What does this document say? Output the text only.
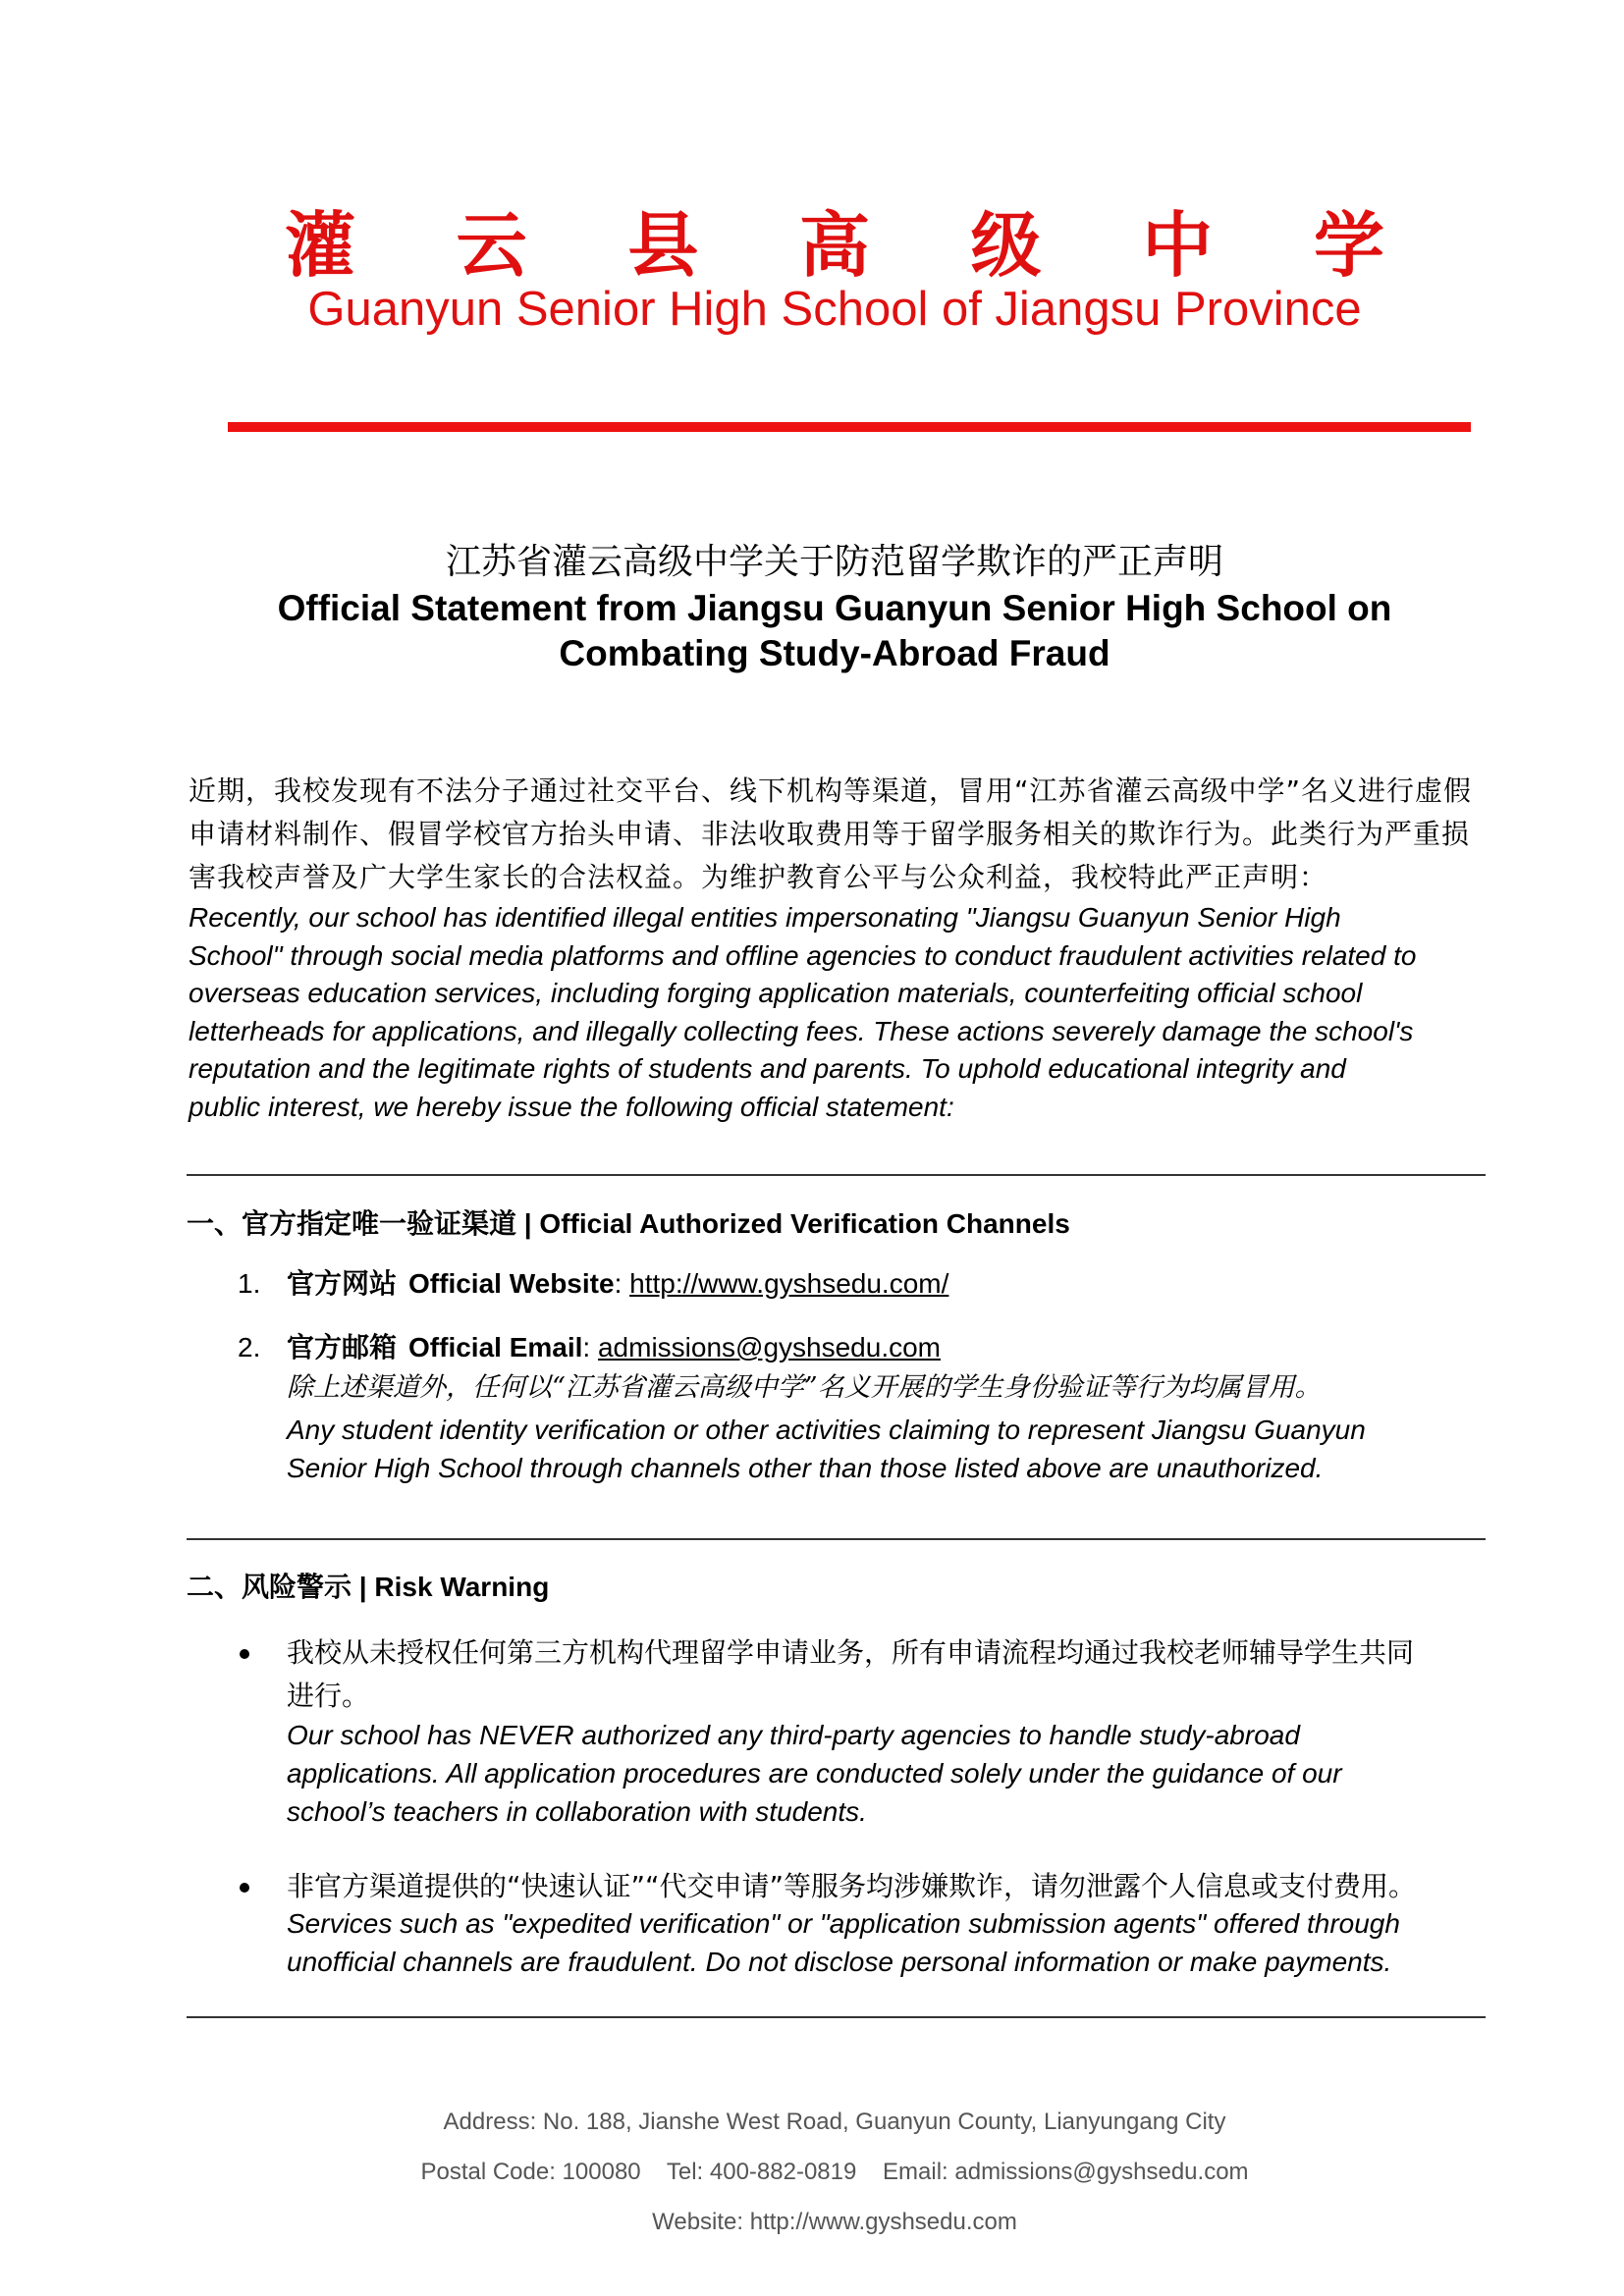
灌 云 县 高 级 中 学
Guanyun Senior High School of Jiangsu Province
江苏省灌云高级中学关于防范留学欺诈的严正声明
Official Statement from Jiangsu Guanyun Senior High School on
Combating Study-Abroad Fraud
近期，我校发现有不法分子通过社交平台、线下机构等渠道，冒用“江苏省灌云高级中学”名义进行虚假
申请材料制作、假冒学校官方抬头申请、非法收取费用等于留学服务相关的欺诈行为。此类行为严重损
害我校声誉及广大学生家长的合法权益。为维护教育公平与公众利益，我校特此严正声明：
Recently, our school has identified illegal entities impersonating "Jiangsu Guanyun Senior High
School" through social media platforms and offline agencies to conduct fraudulent activities related to
overseas education services, including forging application materials, counterfeiting official school
letterheads for applications, and illegally collecting fees. These actions severely damage the school's
reputation and the legitimate rights of students and parents. To uphold educational integrity and
public interest, we hereby issue the following official statement:
一、官方指定唯一验证渠道 | Official Authorized Verification Channels
1. 官方网站 Official Website: http://www.gyshsedu.com/
2. 官方邮箱 Official Email: admissions@gyshsedu.com
除上述渠道外，任何以“江苏省灌云高级中学”名义开展的学生身份验证等行为均属冒用。
Any student identity verification or other activities claiming to represent Jiangsu Guanyun
Senior High School through channels other than those listed above are unauthorized.
二、风险警示 | Risk Warning
我校从未授权任何第三方机构代理留学申请业务，所有申请流程均通过我校老师辅导学生共同
进行。
Our school has NEVER authorized any third-party agencies to handle study-abroad
applications. All application procedures are conducted solely under the guidance of our
school’s teachers in collaboration with students.
非官方渠道提供的“快速认证”“代交申请”等服务均涉嫌欺诈，请勿泄露个人信息或支付费用。
Services such as "expedited verification" or "application submission agents" offered through
unofficial channels are fraudulent. Do not disclose personal information or make payments.
Address: No. 188, Jianshe West Road, Guanyun County, Lianyungang City
Postal Code: 100080    Tel: 400-882-0819    Email: admissions@gyshsedu.com
Website: http://www.gyshsedu.com
